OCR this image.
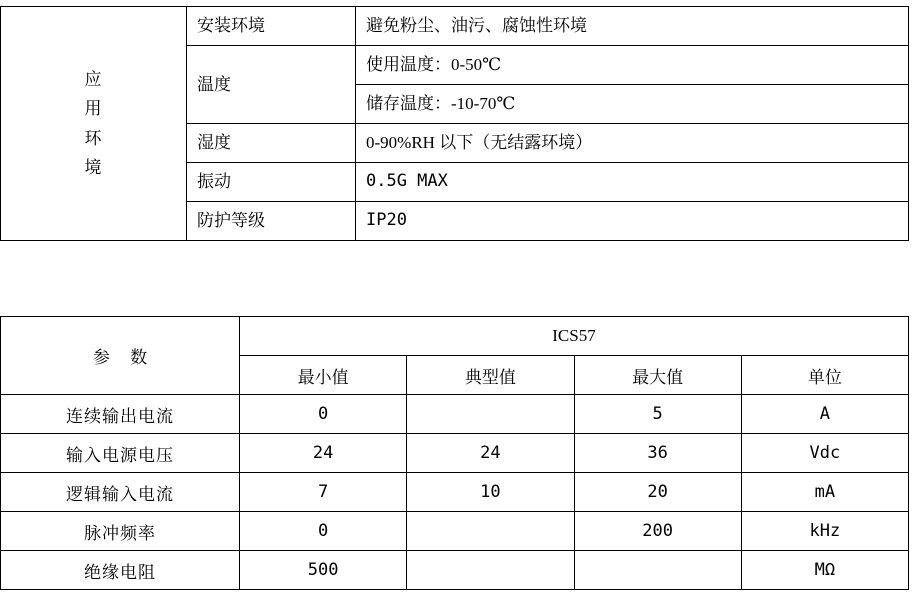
应
用
环
境	安装环境	避免粉尘、油污、腐蚀性环境
	温度	使用温度：0-50℃
		储存温度：-10-70℃
	湿度	0-90%RH 以下（无结露环境）
	振动	0.5G MAX
	防护等级	IP20
参 数	ICS57			
	最小值	典型值	最大值	单位
连续输出电流	0		5	A
输入电源电压	24	24	36	Vdc
逻辑输入电流	7	10	20	mA
脉冲频率	0		200	kHz
绝缘电阻	500			MΩ
